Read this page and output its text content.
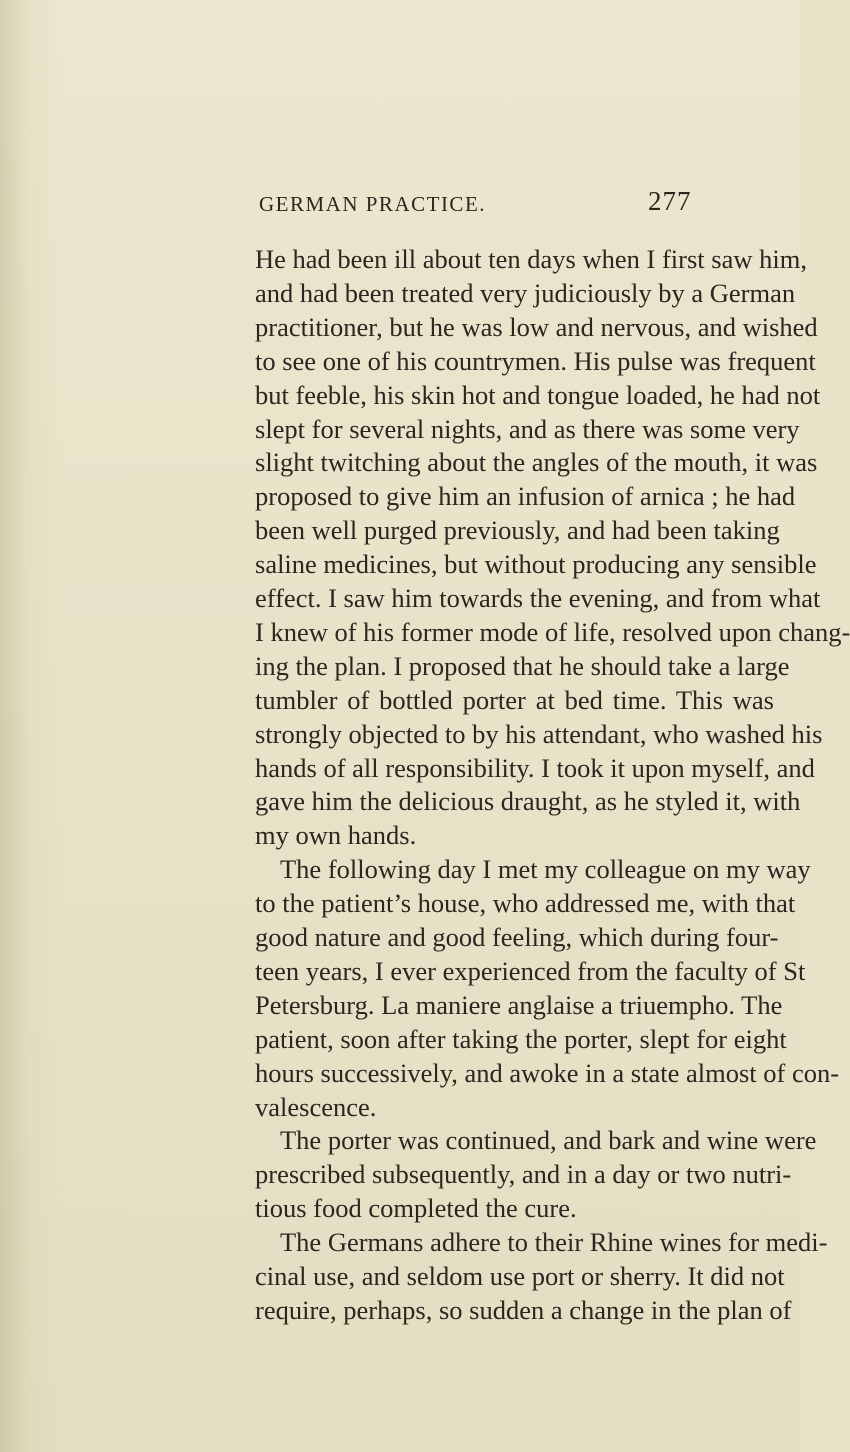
GERMAN PRACTICE.	277
He had been ill about ten days when I first saw him,
and had been treated very judiciously by a German
practitioner, but he was low and nervous, and wished
to see one of his countrymen. His pulse was frequent
but feeble, his skin hot and tongue loaded, he had not
slept for several nights, and as there was some very
slight twitching about the angles of the mouth, it was
proposed to give him an infusion of arnica ; he had
been well purged previously, and had been taking
saline medicines, but without producing any sensible
effect. I saw him towards the evening, and from what
I knew of his former mode of life, resolved upon chang-
ing the plan. I proposed that he should take a large
tumbler of bottled porter at bed time. This was
strongly objected to by his attendant, who washed his
hands of all responsibility. I took it upon myself, and
gave him the delicious draught, as he styled it, with
my own hands.
The following day I met my colleague on my way
to the patient’s house, who addressed me, with that
good nature and good feeling, which during four-
teen years, I ever experienced from the faculty of St
Petersburg. La maniere anglaise a triuempho. The
patient, soon after taking the porter, slept for eight
hours successively, and awoke in a state almost of con-
valescence.
The porter was continued, and bark and wine were
prescribed subsequently, and in a day or two nutri-
tious food completed the cure.
The Germans adhere to their Rhine wines for medi-
cinal use, and seldom use port or sherry. It did not
require, perhaps, so sudden a change in the plan of
